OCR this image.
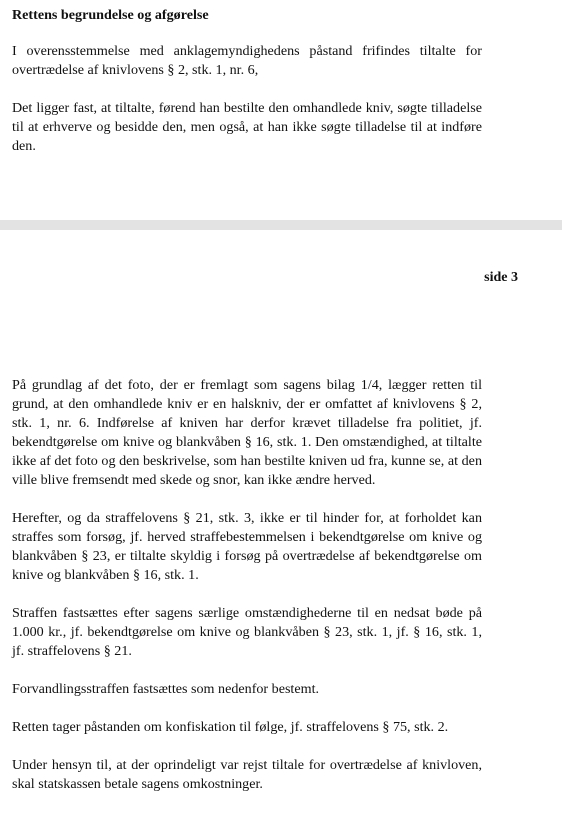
Rettens begrundelse og afgørelse

I overensstemmelse med anklagemyndighedens påstand frifindes tiltalte for overtrædelse af knivlovens § 2, stk. 1, nr. 6,

Det ligger fast, at tiltalte, førend han bestilte den omhandlede kniv, søgte tilladelse til at erhverve og besidde den, men også, at han ikke søgte tilladelse til at indføre den.

side 3

På grundlag af det foto, der er fremlagt som sagens bilag 1/4, lægger retten til grund, at den omhandlede kniv er en halskniv, der er omfattet af knivlovens § 2, stk. 1, nr. 6. Indførelse af kniven har derfor krævet tilladelse fra politiet, jf. bekendtgørelse om knive og blankvåben § 16, stk. 1. Den omstændighed, at tiltalte ikke af det foto og den beskrivelse, som han bestilte kniven ud fra, kunne se, at den ville blive fremsendt med skede og snor, kan ikke ændre herved.

Herefter, og da straffelovens § 21, stk. 3, ikke er til hinder for, at forholdet kan straffes som forsøg, jf. herved straffebestemmelsen i bekendtgørelse om knive og blankvåben § 23, er tiltalte skyldig i forsøg på overtrædelse af bekendtgørelse om knive og blankvåben § 16, stk. 1.

Straffen fastsættes efter sagens særlige omstændighederne til en nedsat bøde på 1.000 kr., jf. bekendtgørelse om knive og blankvåben § 23, stk. 1, jf. § 16, stk. 1, jf. straffelovens § 21.

Forvandlingsstraffen fastsættes som nedenfor bestemt.

Retten tager påstanden om konfiskation til følge, jf. straffelovens § 75, stk. 2.

Under hensyn til, at der oprindeligt var rejst tiltale for overtrædelse af knivloven, skal statskassen betale sagens omkostninger.
